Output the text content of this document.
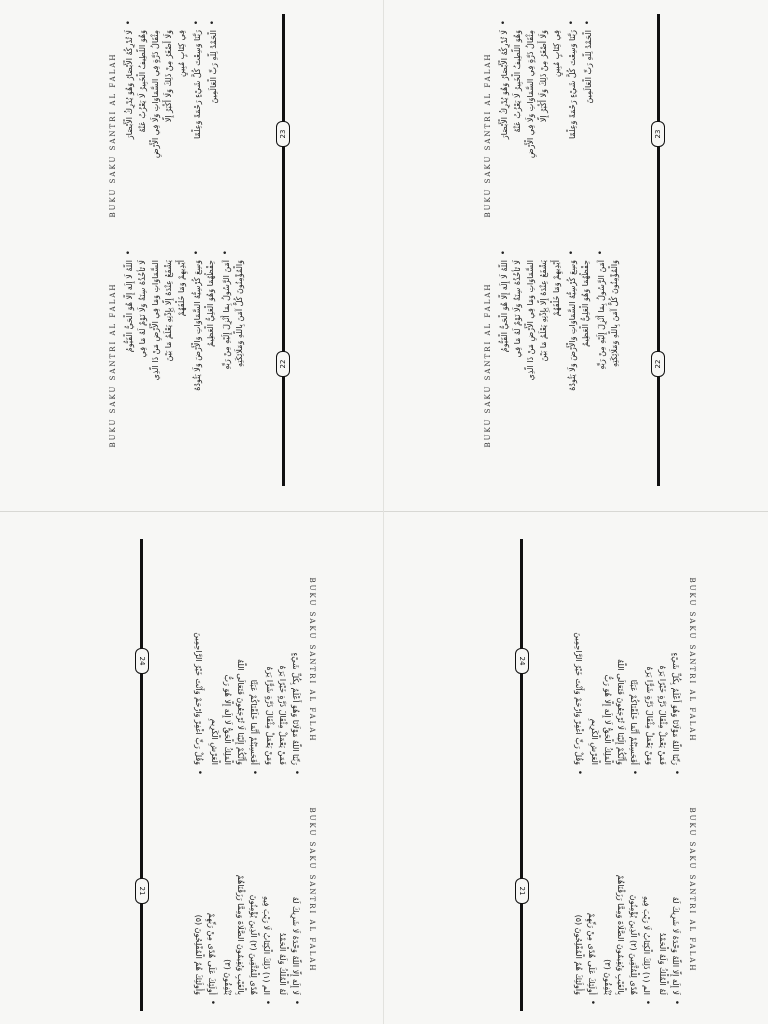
BUKU SAKU SANTRI AL FALAH • لَا تُدْرِكُهُ الْأَبْصَارُ وَهُوَ يُدْرِكُ الْأَبْصَارَ وَهُوَ اللَّطِيفُ الْخَبِيرُ لَا يَعْزُبُ عَنْهُ مِثْقَالُ ذَرَّةٍ فِي السَّمَاوَاتِ وَلَا فِي الْأَرْضِ وَلَا أَصْغَرُ مِنْ ذَلِكَ وَلَا أَكْبَرُ إِلَّا فِي كِتَابٍ مُبِينٍ • رَبَّنَا وَسِعْتَ كُلَّ شَيْءٍ رَحْمَةً وَعِلْمًا • الْحَمْدُ لِلَّهِ رَبِّ الْعَالَمِينَ
23
BUKU SAKU SANTRI AL FALAH • اللَّهُ لَا إِلَهَ إِلَّا هُوَ الْحَيُّ الْقَيُّومُ لَا تَأْخُذُهُ سِنَةٌ وَلَا نَوْمٌ لَهُ مَا فِي السَّمَاوَاتِ وَمَا فِي الْأَرْضِ مَنْ ذَا الَّذِي يَشْفَعُ عِنْدَهُ إِلَّا بِإِذْنِهِ يَعْلَمُ مَا بَيْنَ أَيْدِيهِمْ وَمَا خَلْفَهُمْ • وَسِعَ كُرْسِيُّهُ السَّمَاوَاتِ وَالْأَرْضَ وَلَا يَئُودُهُ حِفْظُهُمَا وَهُوَ الْعَلِيُّ الْعَظِيمُ • آمَنَ الرَّسُولُ بِمَا أُنْزِلَ إِلَيْهِ مِنْ رَبِّهِ وَالْمُؤْمِنُونَ كُلٌّ آمَنَ بِاللَّهِ وَمَلَائِكَتِهِ	22
BUKU SAKU SANTRI AL FALAH • لَا تُدْرِكُهُ الْأَبْصَارُ وَهُوَ يُدْرِكُ الْأَبْصَارَ وَهُوَ اللَّطِيفُ الْخَبِيرُ لَا يَعْزُبُ عَنْهُ مِثْقَالُ ذَرَّةٍ فِي السَّمَاوَاتِ وَلَا فِي الْأَرْضِ وَلَا أَصْغَرُ مِنْ ذَلِكَ وَلَا أَكْبَرُ إِلَّا فِي كِتَابٍ مُبِينٍ • رَبَّنَا وَسِعْتَ كُلَّ شَيْءٍ رَحْمَةً وَعِلْمًا • الْحَمْدُ لِلَّهِ رَبِّ الْعَالَمِينَ
23
BUKU SAKU SANTRI AL FALAH • اللَّهُ لَا إِلَهَ إِلَّا هُوَ الْحَيُّ الْقَيُّومُ لَا تَأْخُذُهُ سِنَةٌ وَلَا نَوْمٌ لَهُ مَا فِي السَّمَاوَاتِ وَمَا فِي الْأَرْضِ مَنْ ذَا الَّذِي يَشْفَعُ عِنْدَهُ إِلَّا بِإِذْنِهِ يَعْلَمُ مَا بَيْنَ أَيْدِيهِمْ وَمَا خَلْفَهُمْ • وَسِعَ كُرْسِيُّهُ السَّمَاوَاتِ وَالْأَرْضَ وَلَا يَئُودُهُ حِفْظُهُمَا وَهُوَ الْعَلِيُّ الْعَظِيمُ • آمَنَ الرَّسُولُ بِمَا أُنْزِلَ إِلَيْهِ مِنْ رَبِّهِ وَالْمُؤْمِنُونَ كُلٌّ آمَنَ بِاللَّهِ وَمَلَائِكَتِهِ	22
BUKU SAKU SANTRI AL FALAH
• رَبِّنَا اللَّهُ مَوْلَانَا وَهُوَ أَعْلَمُ بِكُلِّ شَيْءٍ
فَمَنْ يَعْمَلْ مِثْقَالَ ذَرَّةٍ خَيْرًا يَرَهُ
وَمَنْ يَعْمَلْ مِثْقَالَ ذَرَّةٍ شَرًّا يَرَهُ
• أَفَحَسِبْتُمْ أَنَّمَا خَلَقْنَاكُمْ عَبَثًا
وَأَنَّكُمْ إِلَيْنَا لَا تُرْجَعُونَ فَتَعَالَى اللَّهُ
الْمَلِكُ الْحَقُّ لَا إِلَهَ إِلَّا هُوَ رَبُّ
الْعَرْشِ الْكَرِيمِ
• وَقُلْ رَبِّ اغْفِرْ وَارْحَمْ وَأَنْتَ خَيْرُ الرَّاحِمِينَ
24
BUKU SAKU SANTRI AL FALAH
• لَا إِلَهَ إِلَّا اللَّهُ وَحْدَهُ لَا شَرِيكَ لَهُ
لَهُ الْمُلْكُ وَلَهُ الْحَمْدُ
• الم (١) ذَلِكَ الْكِتَابُ لَا رَيْبَ فِيهِ
هُدًى لِلْمُتَّقِينَ (٢) الَّذِينَ يُؤْمِنُونَ
بِالْغَيْبِ وَيُقِيمُونَ الصَّلَاةَ وَمِمَّا رَزَقْنَاهُمْ
يُنْفِقُونَ (٣)
• أُولَئِكَ عَلَى هُدًى مِنْ رَبِّهِمْ
وَأُولَئِكَ هُمُ الْمُفْلِحُونَ (٥)
21
BUKU SAKU SANTRI AL FALAH
• رَبِّنَا اللَّهُ مَوْلَانَا وَهُوَ أَعْلَمُ بِكُلِّ شَيْءٍ
فَمَنْ يَعْمَلْ مِثْقَالَ ذَرَّةٍ خَيْرًا يَرَهُ
وَمَنْ يَعْمَلْ مِثْقَالَ ذَرَّةٍ شَرًّا يَرَهُ
• أَفَحَسِبْتُمْ أَنَّمَا خَلَقْنَاكُمْ عَبَثًا
وَأَنَّكُمْ إِلَيْنَا لَا تُرْجَعُونَ فَتَعَالَى اللَّهُ
الْمَلِكُ الْحَقُّ لَا إِلَهَ إِلَّا هُوَ رَبُّ
الْعَرْشِ الْكَرِيمِ
• وَقُلْ رَبِّ اغْفِرْ وَارْحَمْ وَأَنْتَ خَيْرُ الرَّاحِمِينَ
24
BUKU SAKU SANTRI AL FALAH
• لَا إِلَهَ إِلَّا اللَّهُ وَحْدَهُ لَا شَرِيكَ لَهُ
لَهُ الْمُلْكُ وَلَهُ الْحَمْدُ
• الم (١) ذَلِكَ الْكِتَابُ لَا رَيْبَ فِيهِ
هُدًى لِلْمُتَّقِينَ (٢) الَّذِينَ يُؤْمِنُونَ
بِالْغَيْبِ وَيُقِيمُونَ الصَّلَاةَ وَمِمَّا رَزَقْنَاهُمْ
يُنْفِقُونَ (٣)
• أُولَئِكَ عَلَى هُدًى مِنْ رَبِّهِمْ
وَأُولَئِكَ هُمُ الْمُفْلِحُونَ (٥)
21
